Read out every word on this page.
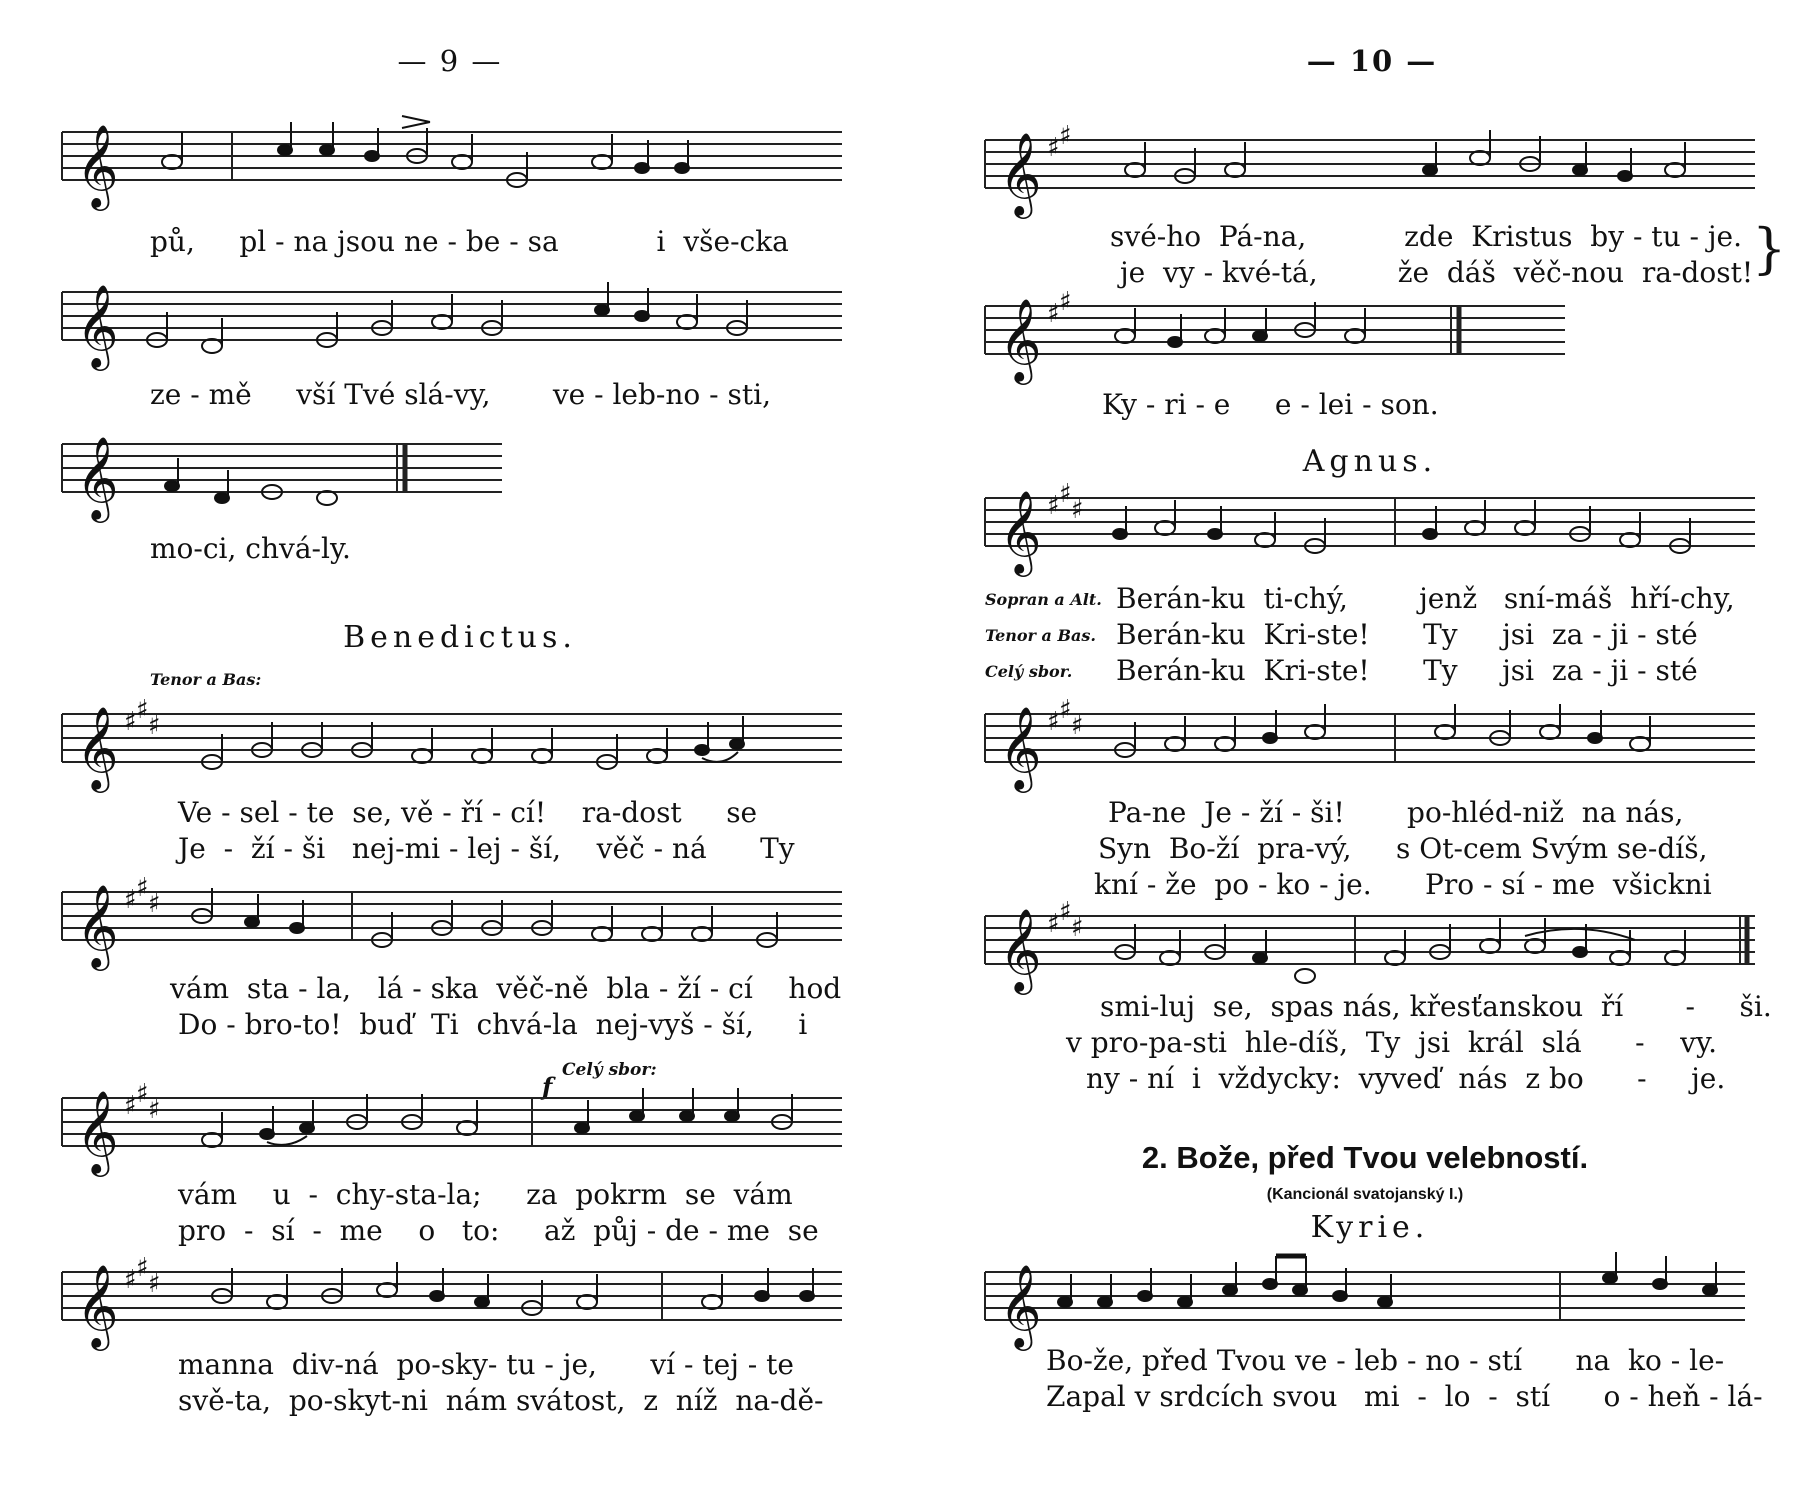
— 9 —
𝄞
pů,     pl - na jsou ne - be - sa           i  vše-cka
𝄞
ze - mě     vší Tvé slá-vy,       ve - leb-no - sti,
𝄞
mo-ci, chvá-ly.
Benedictus.
Tenor a Bas:
𝄞 ♯ ♯
♯
Ve - sel - te  se, vě - ří - cí!    ra-dost     se
Je  -  ží - ši   nej-mi - lej - ší,    věč - ná      Ty
𝄞 ♯ ♯
♯
vám  sta - la,   lá - ska  věč-ně  bla - ží - cí    hod
Do - bro-to!  buď  Ti  chvá-la  nej-vyš - ší,     i
f
Celý sbor:
𝄞 ♯ ♯
♯
vám    u  -  chy-sta-la;     za  pokrm  se  vám
pro  -  sí  -  me    o   to:     až  půj - de - me  se
𝄞 ♯ ♯
♯
manna  div-ná  po-sky- tu - je,      ví - tej - te
svě-ta,  po-skyt-ni  nám svátost,  z  níž  na-dě-
— 10 —
𝄞 ♯ ♯
své-ho  Pá-na,           zde  Kristus  by - tu - je.
je  vy - kvé-tá,         že  dáš  věč-nou  ra-dost!
}
𝄞 ♯ ♯
Ky - ri - e     e - lei - son.
Agnus.
𝄞 ♯ ♯
♯
Sopran a Alt.
Tenor a Bas.
Celý sbor.
Berán-ku  ti-chý,        jenž   sní-máš  hří-chy,
Berán-ku  Kri-ste!      Ty     jsi  za - ji - sté
Berán-ku  Kri-ste!      Ty     jsi  za - ji - sté
𝄞 ♯ ♯
♯
Pa-ne  Je - ží - ši!       po-hléd-niž  na nás,
Syn  Bo-ží  pra-vý,     s Ot-cem Svým se-díš,
kní - že  po - ko - je.      Pro - sí - me  všickni
𝄞 ♯ ♯
♯
smi-luj  se,  spas nás, křesťanskou  ří       -     ši.
v pro-pa-sti  hle-díš,  Ty  jsi  král  slá      -    vy.
ny - ní  i  vždycky:  vyveď  nás  z bo      -     je.
2. Bože, před Tvou velebností.
(Kancionál svatojanský I.)
Kyrie.
𝄞
Bo-že, před Tvou ve - leb - no - stí      na  ko - le-
Zapal v srdcích svou   mi  -  lo  -  stí      o - heň - lá-
